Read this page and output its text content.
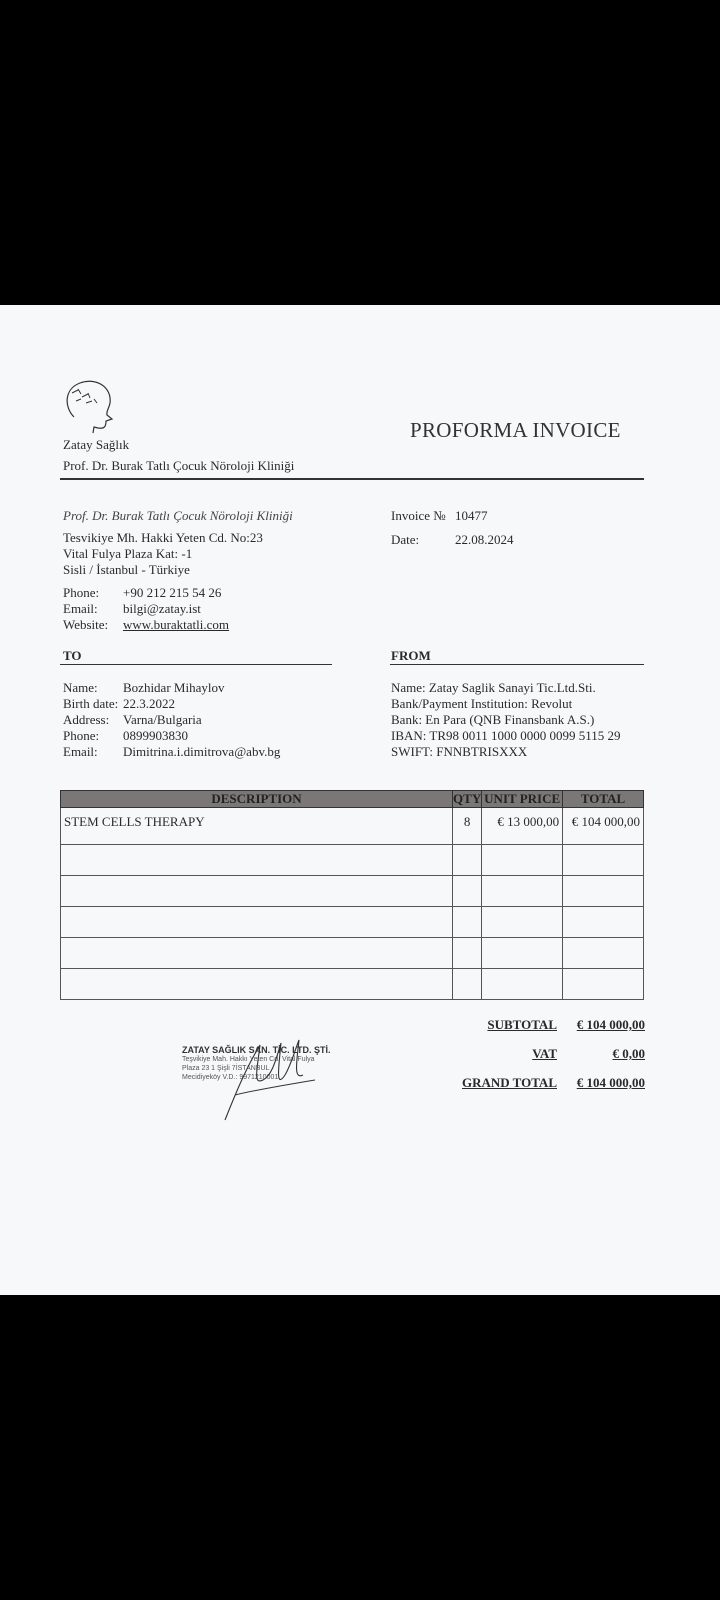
Zatay Sağlık
Prof. Dr. Burak Tatlı Çocuk Nöroloji Kliniği
PROFORMA INVOICE
Prof. Dr. Burak Tatlı Çocuk Nöroloji Kliniği
Tesvikiye Mh. Hakki Yeten Cd. No:23
Vital Fulya Plaza Kat: -1
Sisli / İstanbul - Türkiye
Phone:	+90 212 215 54 26
Email:	bilgi@zatay.ist
Website:	www.buraktatli.com
Invoice № 10477
Date:	22.08.2024
TO	FROM
Name:	Bozhidar Mihaylov
Birth date: 22.3.2022
Address:	Varna/Bulgaria
Phone:	0899903830
Email:	Dimitrina.i.dimitrova@abv.bg
Name: Zatay Saglik Sanayi Tic.Ltd.Sti.
Bank/Payment Institution: Revolut
Bank: En Para (QNB Finansbank A.S.)
IBAN: TR98 0011 1000 0000 0099 5115 29
SWIFT: FNNBTRISXXX
DESCRIPTION	QTY	UNIT PRICE	TOTAL
STEM CELLS THERAPY	8	€ 13 000,00	€ 104 000,00

SUBTOTAL	€ 104 000,00
VAT	€ 0,00
GRAND TOTAL	€ 104 000,00
ZATAY SAĞLIK SAN. TİC. LTD. ŞTİ.
Teşvikiye Mah. Hakkı Yeten Cd. Vital Fulya
Plaza 23 1 Şişli 7İSTANBUL
Mecidiyeköy V.D.: 9971210001
